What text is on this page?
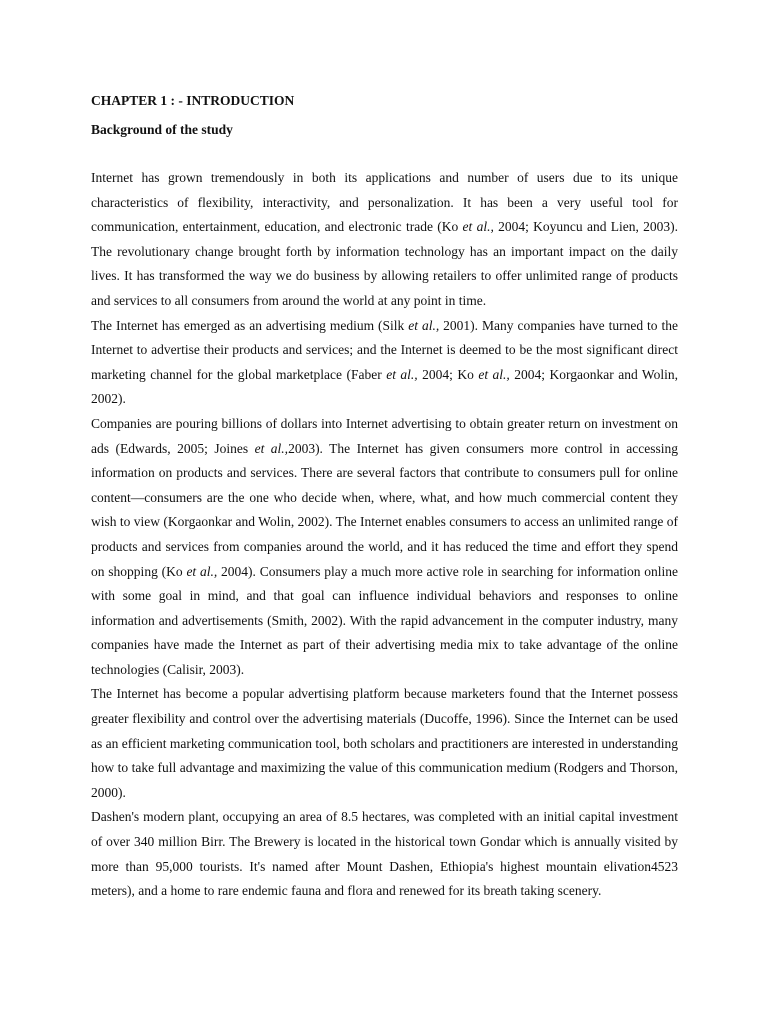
CHAPTER 1 : - INTRODUCTION
Background of the study

Internet has grown tremendously in both its applications and number of users due to its unique characteristics of flexibility, interactivity, and personalization. It has been a very useful tool for communication, entertainment, education, and electronic trade (Ko et al., 2004; Koyuncu and Lien, 2003). The revolutionary change brought forth by information technology has an important impact on the daily lives. It has transformed the way we do business by allowing retailers to offer unlimited range of products and services to all consumers from around the world at any point in time.

The Internet has emerged as an advertising medium (Silk et al., 2001). Many companies have turned to the Internet to advertise their products and services; and the Internet is deemed to be the most significant direct marketing channel for the global marketplace (Faber et al., 2004; Ko et al., 2004; Korgaonkar and Wolin, 2002).

Companies are pouring billions of dollars into Internet advertising to obtain greater return on investment on ads (Edwards, 2005; Joines et al.,2003). The Internet has given consumers more control in accessing information on products and services. There are several factors that contribute to consumers pull for online content—consumers are the one who decide when, where, what, and how much commercial content they wish to view (Korgaonkar and Wolin, 2002). The Internet enables consumers to access an unlimited range of products and services from companies around the world, and it has reduced the time and effort they spend on shopping (Ko et al., 2004). Consumers play a much more active role in searching for information online with some goal in mind, and that goal can influence individual behaviors and responses to online information and advertisements (Smith, 2002). With the rapid advancement in the computer industry, many companies have made the Internet as part of their advertising media mix to take advantage of the online technologies (Calisir, 2003).

The Internet has become a popular advertising platform because marketers found that the Internet possess greater flexibility and control over the advertising materials (Ducoffe, 1996). Since the Internet can be used as an efficient marketing communication tool, both scholars and practitioners are interested in understanding how to take full advantage and maximizing the value of this communication medium (Rodgers and Thorson, 2000).

Dashen's modern plant, occupying an area of 8.5 hectares, was completed with an initial capital investment of over 340 million Birr. The Brewery is located in the historical town Gondar which is annually visited by more than 95,000 tourists. It's named after Mount Dashen, Ethiopia's highest mountain elivation4523 meters), and a home to rare endemic fauna and flora and renewed for its breath taking scenery.
